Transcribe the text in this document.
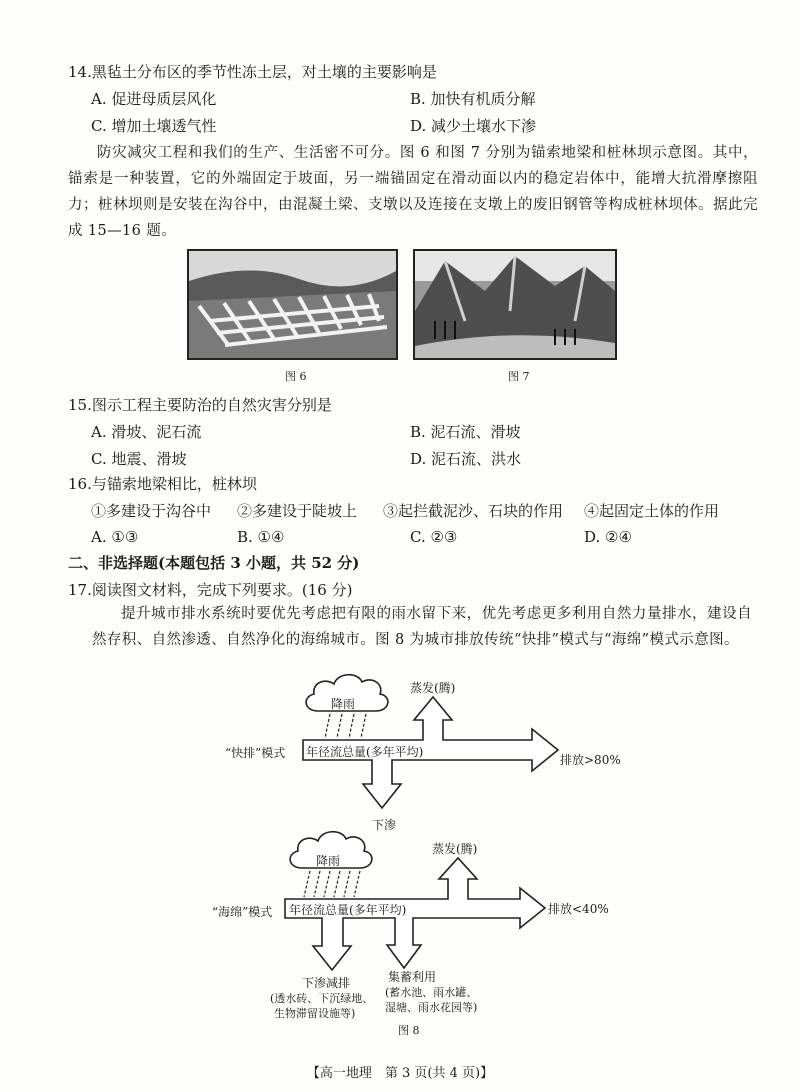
14.黑毡土分布区的季节性冻土层，对土壤的主要影响是
A. 促进母质层风化	B. 加快有机质分解
C. 增加土壤透气性	D. 减少土壤水下渗
防灾减灾工程和我们的生产、生活密不可分。图 6 和图 7 分别为锚索地梁和桩林坝示意图。其中，锚索是一种装置，它的外端固定于坡面，另一端锚固定在滑动面以内的稳定岩体中，能增大抗滑摩擦阻力；桩林坝则是安装在沟谷中，由混凝土梁、支墩以及连接在支墩上的废旧钢管等构成桩林坝体。据此完成 15—16 题。
图 6	图 7
15.图示工程主要防治的自然灾害分别是
A. 滑坡、泥石流	B. 泥石流、滑坡
C. 地震、滑坡	D. 泥石流、洪水
16.与锚索地梁相比，桩林坝
①多建设于沟谷中 ②多建设于陡坡上 ③起拦截泥沙、石块的作用 ④起固定土体的作用
A. ①③	B. ①④	C. ②③	D. ②④
二、非选择题(本题包括 3 小题，共 52 分)
17.阅读图文材料，完成下列要求。(16 分)
提升城市排水系统时要优先考虑把有限的雨水留下来，优先考虑更多利用自然力量排水，建设自然存积、自然渗透、自然净化的海绵城市。图 8 为城市排放传统“快排”模式与“海绵”模式示意图。
降雨
蒸发(腾)
“快排”模式 年径流总量(多年平均)
排放>80%
下渗
降雨
蒸发(腾)
“海绵”模式 年径流总量(多年平均)	排放<40%
下渗减排
(透水砖、下沉绿地、
生物滞留设施等)
集蓄利用
(蓄水池、雨水罐、
湿塘、雨水花园等)
图 8
【高一地理　第 3 页(共 4 页)】
